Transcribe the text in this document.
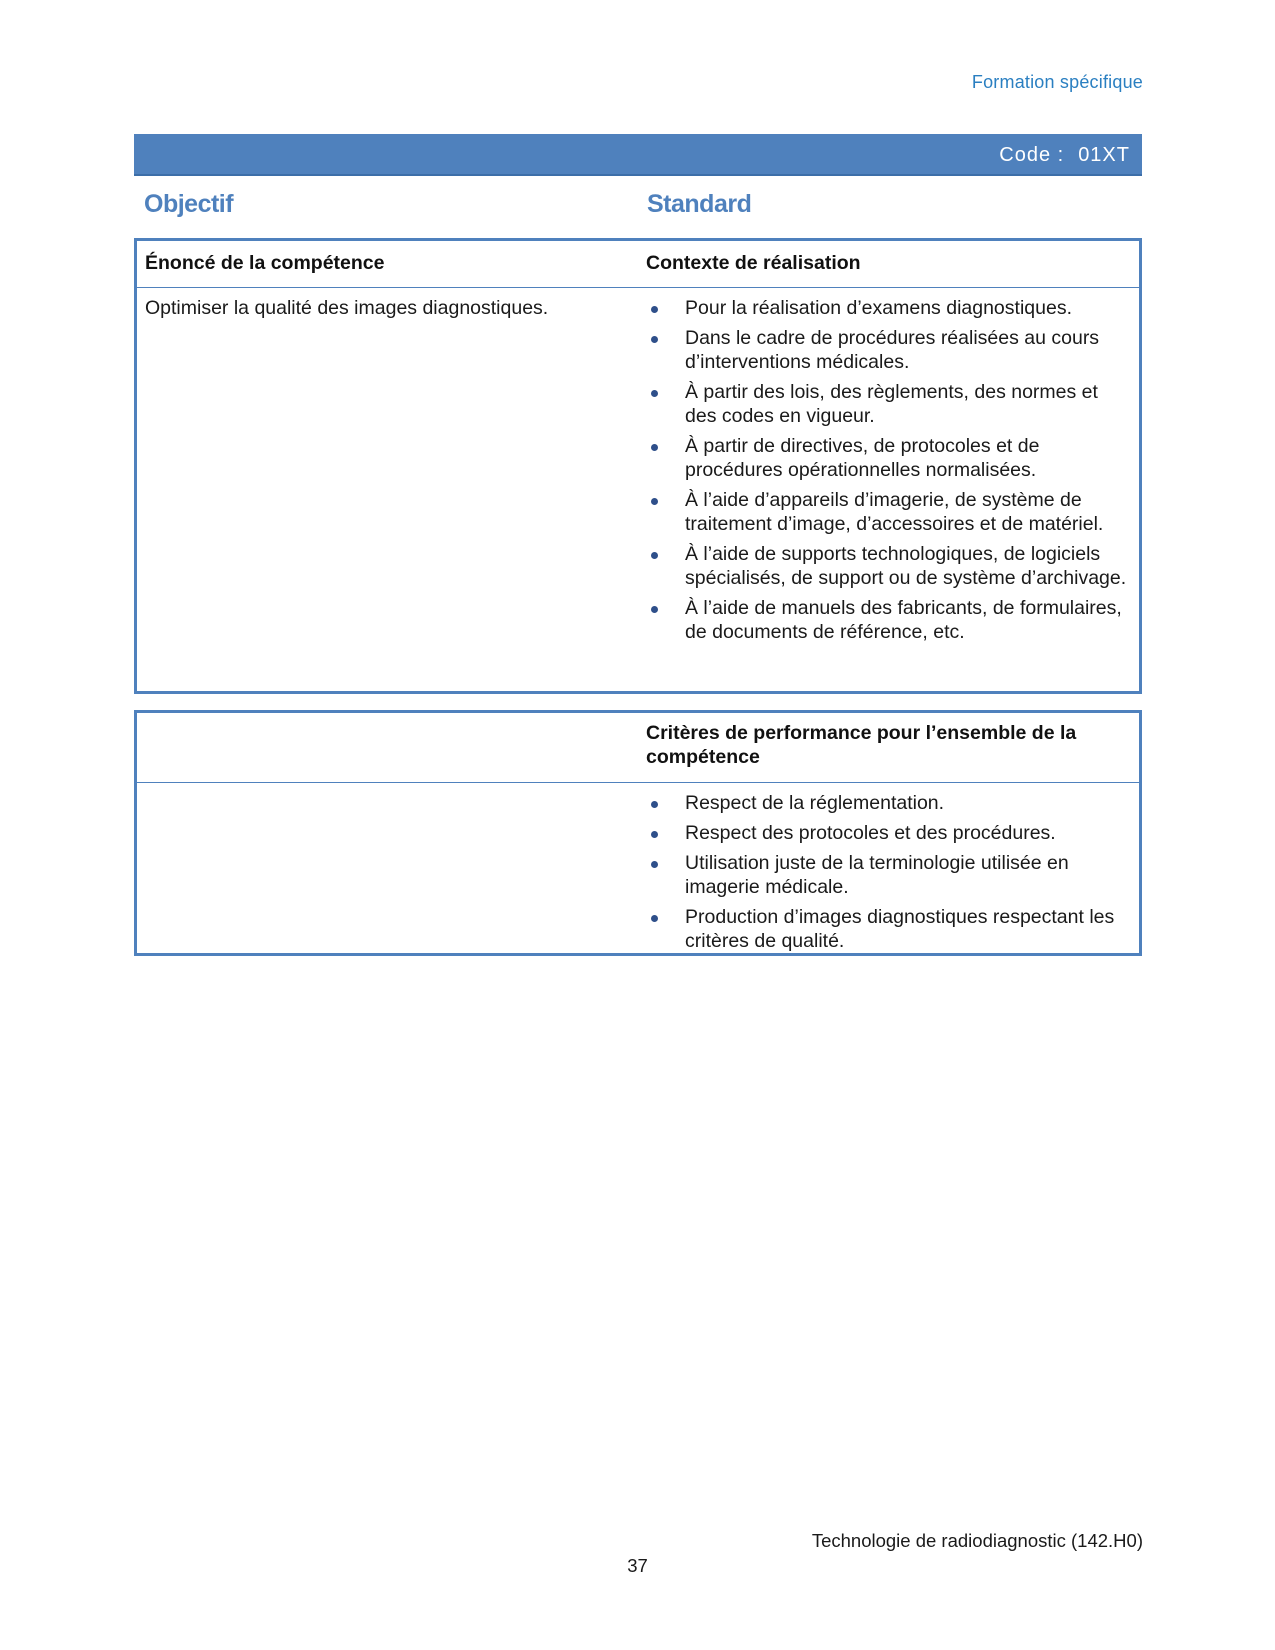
Formation spécifique
Code : 01XT
Objectif	Standard
Énoncé de la compétence	Contexte de réalisation
Optimiser la qualité des images diagnostiques.	Pour la réalisation d’examens diagnostiques.
Dans le cadre de procédures réalisées au cours d’interventions médicales.
À partir des lois, des règlements, des normes et des codes en vigueur.
À partir de directives, de protocoles et de procédures opérationnelles normalisées.
À l’aide d’appareils d’imagerie, de système de traitement d’image, d’accessoires et de matériel.
À l’aide de supports technologiques, de logiciels spécialisés, de support ou de système d’archivage.
À l’aide de manuels des fabricants, de formulaires, de documents de référence, etc.
Critères de performance pour l’ensemble de la compétence
Respect de la réglementation.
Respect des protocoles et des procédures.
Utilisation juste de la terminologie utilisée en imagerie médicale.
Production d’images diagnostiques respectant les critères de qualité.
Technologie de radiodiagnostic (142.H0)
37
